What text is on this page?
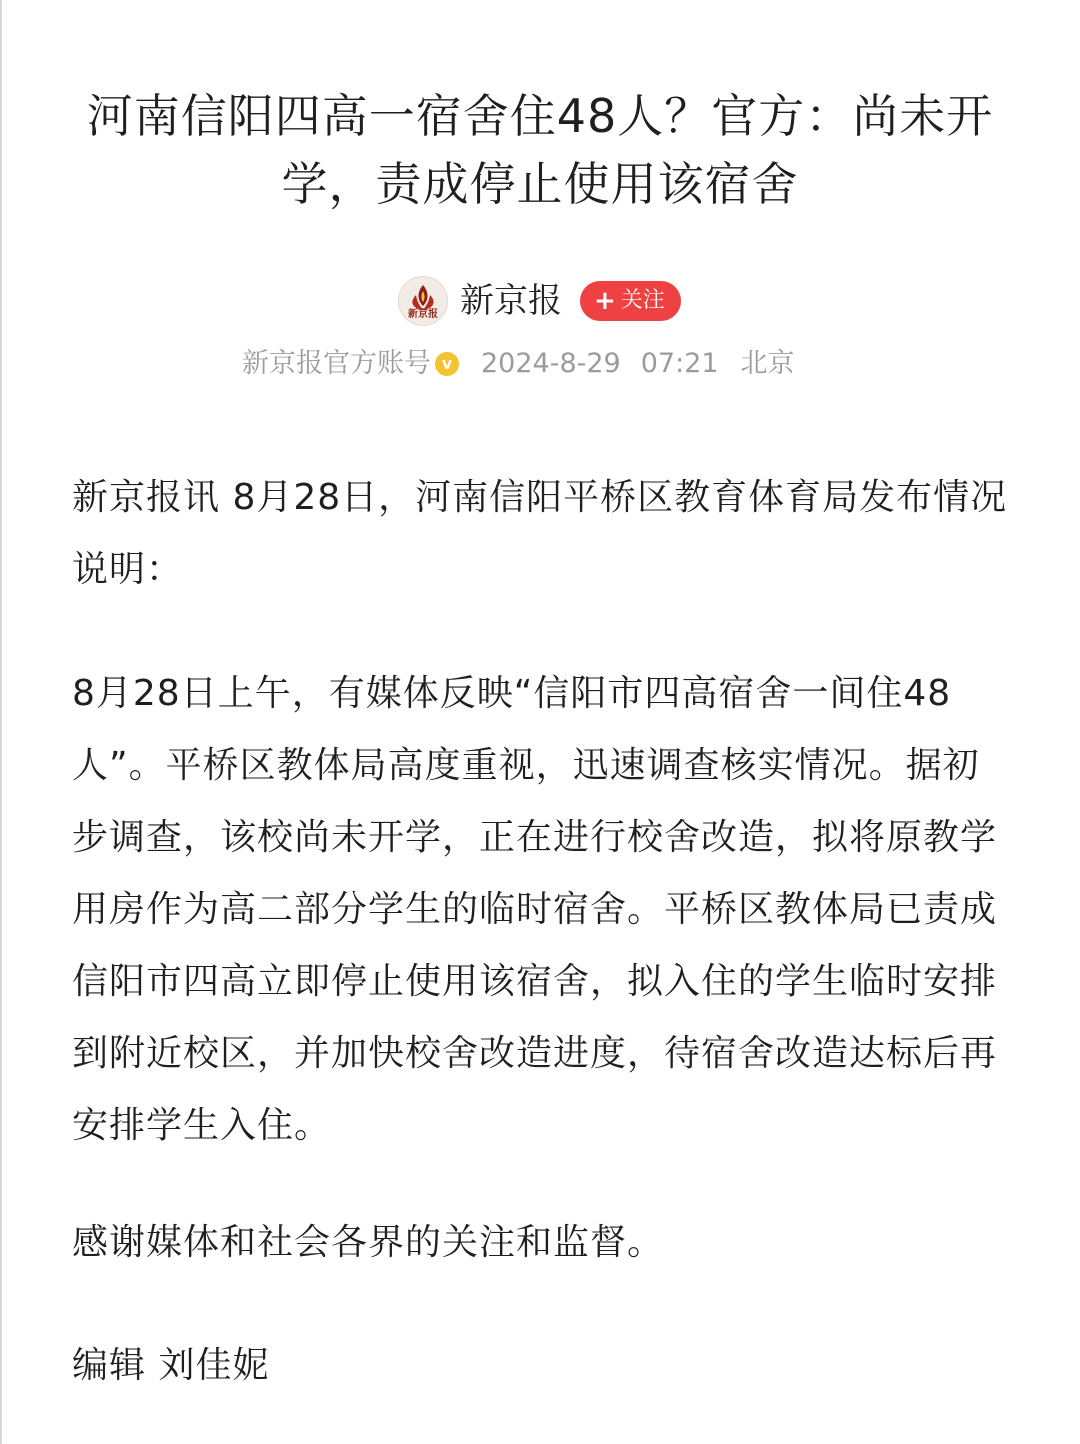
河南信阳四高一宿舍住48人？官方：尚未开学，责成停止使用该宿舍
新京报 新京报 + 关注
新京报官方账号 v 2024-8-29 07:21 北京

新京报讯 8月28日，河南信阳平桥区教育体育局发布情况说明：

8月28日上午，有媒体反映“信阳市四高宿舍一间住48人”。平桥区教体局高度重视，迅速调查核实情况。据初步调查，该校尚未开学，正在进行校舍改造，拟将原教学用房作为高二部分学生的临时宿舍。平桥区教体局已责成信阳市四高立即停止使用该宿舍，拟入住的学生临时安排到附近校区，并加快校舍改造进度，待宿舍改造达标后再安排学生入住。

感谢媒体和社会各界的关注和监督。

编辑 刘佳妮
